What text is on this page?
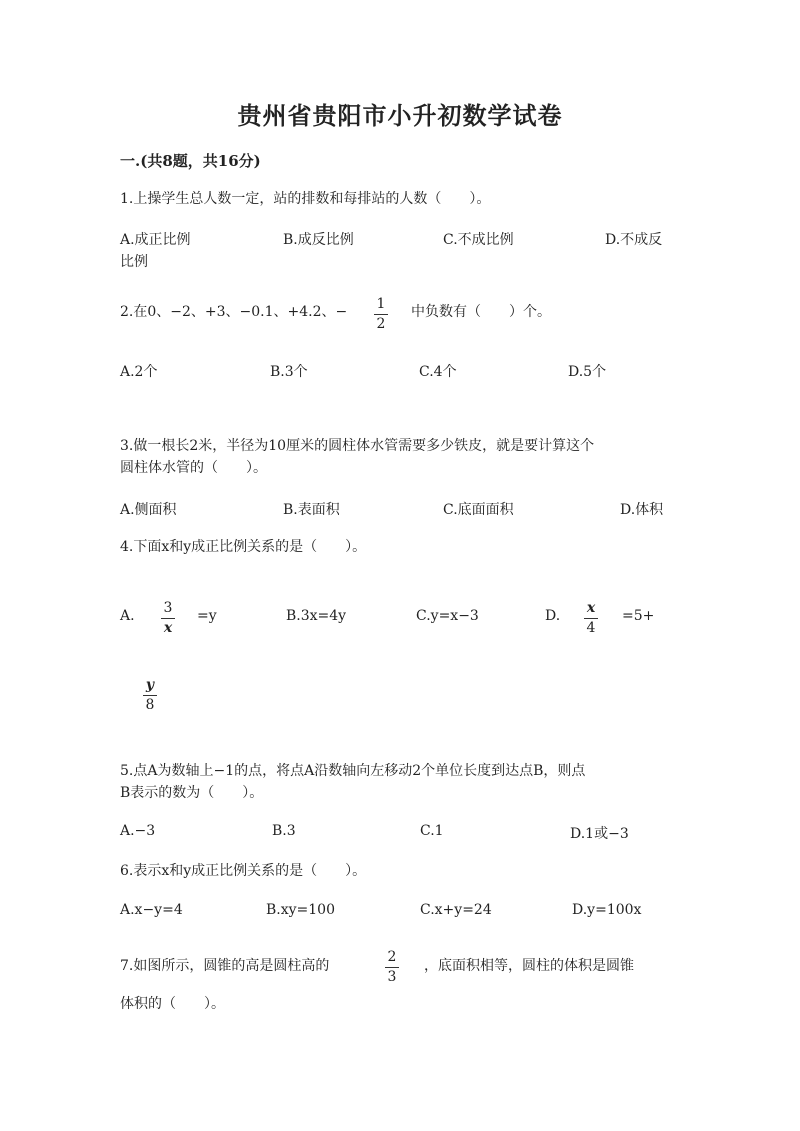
贵州省贵阳市小升初数学试卷
一.(共8题，共16分)
1.上操学生总人数一定，站的排数和每排站的人数（　　）。
A.成正比例	B.成反比例	C.不成比例	D.不成反
比例
2.在0、−2、+3、−0.1、+4.2、− 1
2
中负数有（　　）个。
A.2个	B.3个	C.4个	D.5个
3.做一根长2米，半径为10厘米的圆柱体水管需要多少铁皮，就是要计算这个
圆柱体水管的（　　）。
A.侧面积	B.表面积	C.底面面积	D.体积
4.下面x和y成正比例关系的是（　　）。
A. 3
x
=y	B.3x=4y	C.y=x−3	D. x
4
=5+
y
8
5.点A为数轴上−1的点，将点A沿数轴向左移动2个单位长度到达点B，则点
B表示的数为（　　）。
A.−3	B.3	C.1	D.1或−3
6.表示x和y成正比例关系的是（　　）。
A.x−y=4	B.xy=100	C.x+y=24	D.y=100x
7.如图所示，圆锥的高是圆柱高的
2
3
，底面积相等，圆柱的体积是圆锥
体积的（　　）。
